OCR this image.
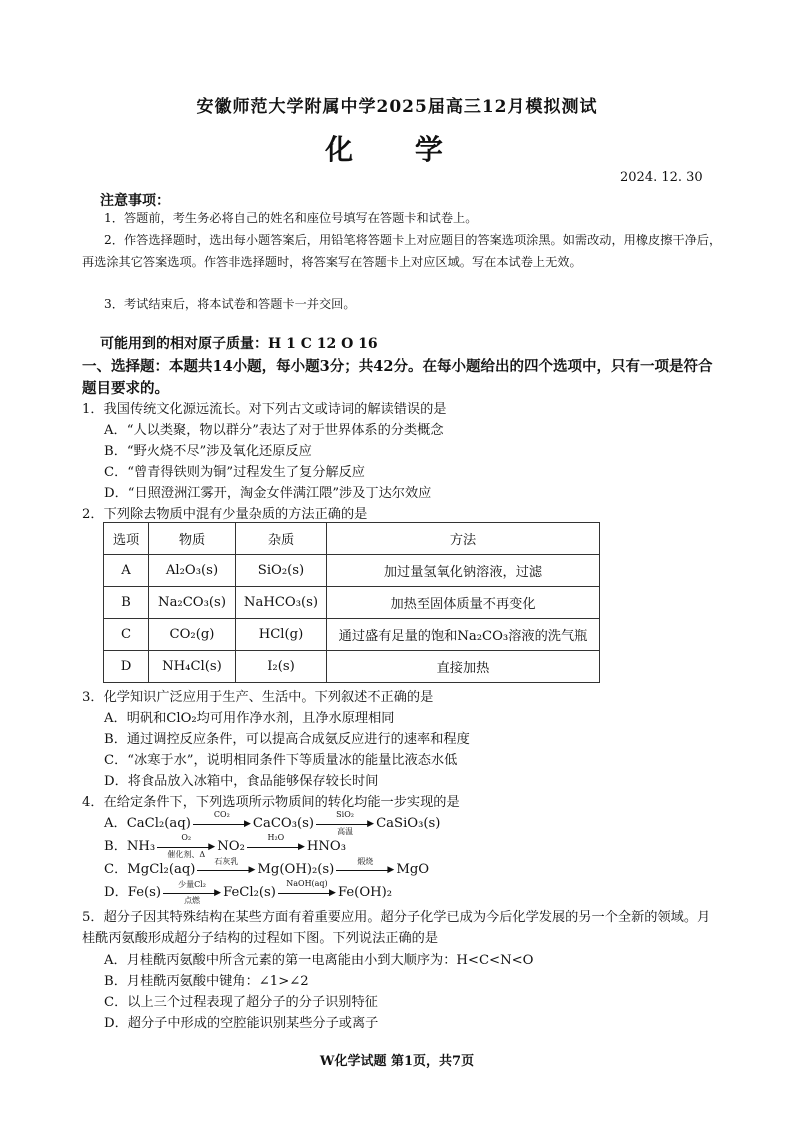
安徽师范大学附属中学2025届高三12月模拟测试
化 学
2024. 12. 30
注意事项：
1．答题前，考生务必将自己的姓名和座位号填写在答题卡和试卷上。
2．作答选择题时，选出每小题答案后，用铅笔将答题卡上对应题目的答案选项涂黑。如需改动，用橡皮擦干净后，再选涂其它答案选项。作答非选择题时，将答案写在答题卡上对应区域。写在本试卷上无效。
3．考试结束后，将本试卷和答题卡一并交回。
可能用到的相对原子质量：H 1 C 12 O 16
一、选择题：本题共14小题，每小题3分；共42分。在每小题给出的四个选项中，只有一项是符合题目要求的。
1．我国传统文化源远流长。对下列古文或诗词的解读错误的是
A．“人以类聚，物以群分”表达了对于世界体系的分类概念
B．“野火烧不尽”涉及氧化还原反应
C．“曾青得铁则为铜”过程发生了复分解反应
D．“日照澄洲江雾开，淘金女伴满江隈”涉及丁达尔效应
2．下列除去物质中混有少量杂质的方法正确的是
选项	物质	杂质	方法
A	Al₂O₃(s)	SiO₂(s)	加过量氢氧化钠溶液，过滤
B	Na₂CO₃(s)	NaHCO₃(s)	加热至固体质量不再变化
C	CO₂(g)	HCl(g)	通过盛有足量的饱和Na₂CO₃溶液的洗气瓶
D	NH₄Cl(s)	I₂(s)	直接加热
3．化学知识广泛应用于生产、生活中。下列叙述不正确的是
A．明矾和ClO₂均可用作净水剂，且净水原理相同
B．通过调控反应条件，可以提高合成氨反应进行的速率和程度
C．“冰寒于水”，说明相同条件下等质量冰的能量比液态水低
D．将食品放入冰箱中，食品能够保存较长时间
4．在给定条件下，下列选项所示物质间的转化均能一步实现的是
A．CaCl₂(aq)
CO₂
▶ CaCO₃(s)
SiO₂
▶
高温	CaSiO₃(s)
B．NH₃
O₂
▶
催化剂、Δ NO₂
H₂O
▶ HNO₃
C．MgCl₂(aq)
石灰乳
▶ Mg(OH)₂(s)
煅烧
▶ MgO
D．Fe(s)
少量Cl₂
▶
点燃	FeCl₂(s)
NaOH(aq)
▶ Fe(OH)₂
5．超分子因其特殊结构在某些方面有着重要应用。超分子化学已成为今后化学发展的另一个全新的领域。月桂酰丙氨酸形成超分子结构的过程如下图。下列说法正确的是
A．月桂酰丙氨酸中所含元素的第一电离能由小到大顺序为：H<C<N<O
B．月桂酰丙氨酸中键角：∠1>∠2
C．以上三个过程表现了超分子的分子识别特征
D．超分子中形成的空腔能识别某些分子或离子
W化学试题 第1页，共7页
